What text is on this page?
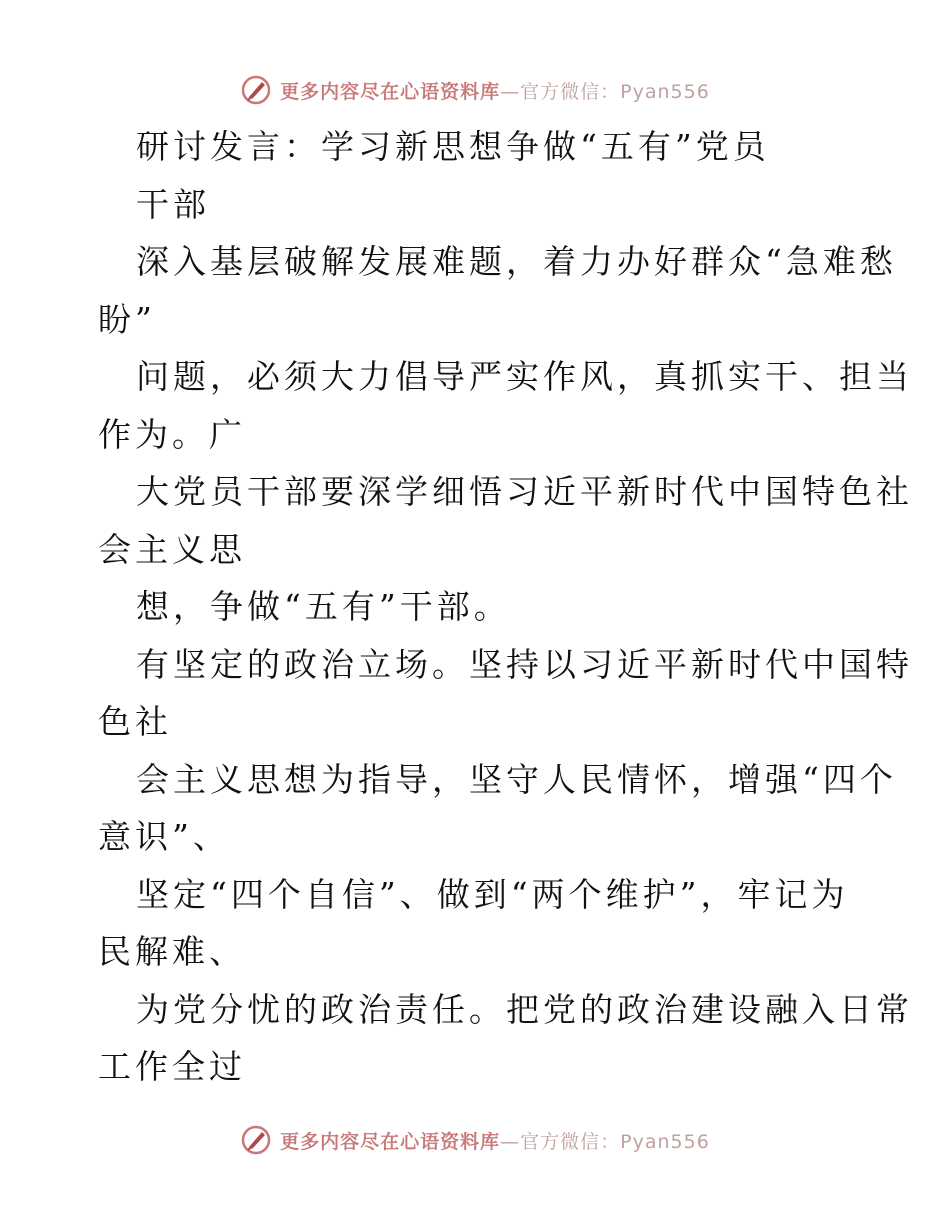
更多内容尽在心语资料库—官方微信：Pyan556
研讨发言：学习新思想争做“五有”党员
干部
深入基层破解发展难题，着力办好群众“急难愁
盼”
问题，必须大力倡导严实作风，真抓实干、担当
作为。广
大党员干部要深学细悟习近平新时代中国特色社
会主义思
想，争做“五有”干部。
有坚定的政治立场。坚持以习近平新时代中国特
色社
会主义思想为指导，坚守人民情怀，增强“四个
意识”、
坚定“四个自信”、做到“两个维护”，牢记为
民解难、
为党分忧的政治责任。把党的政治建设融入日常
工作全过
更多内容尽在心语资料库—官方微信：Pyan556
